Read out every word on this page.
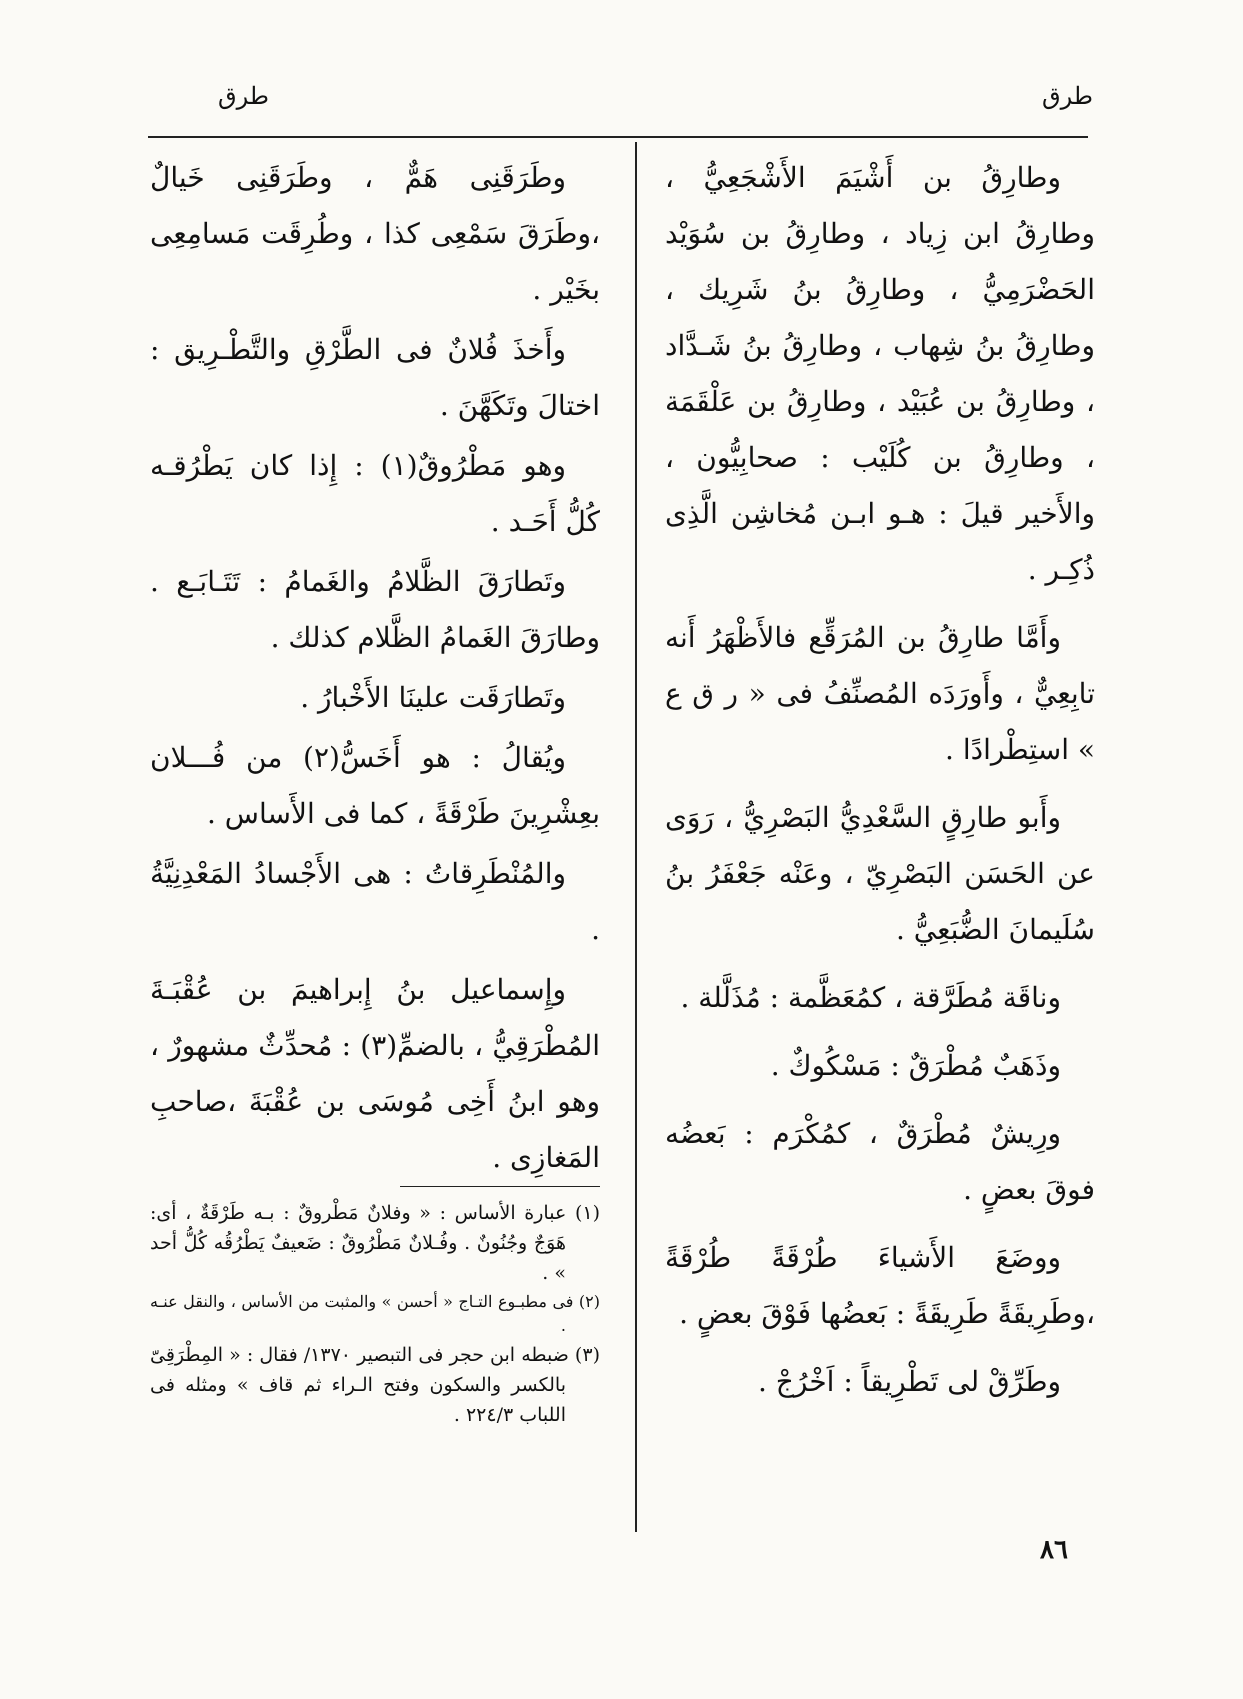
طرق
طرق

وطارِقُ بن أَشْيَمَ الأَشْجَعِيُّ ، وطارِقُ ابن زِياد ، وطارِقُ بن سُوَيْد الحَضْرَمِيُّ ، وطارِقُ بنُ شَرِيك ، وطارِقُ بنُ شِهاب ، وطارِقُ بنُ شَـدَّاد ، وطارِقُ بن عُبَيْد ، وطارِقُ بن عَلْقَمَة ، وطارِقُ بن كُلَيْب : صحابِيُّون ، والأَخير قيلَ : هـو ابـن مُخاشِن الَّذِى ذُكِـر .

وأَمَّا طارِقُ بن المُرَقِّع فالأَظْهَرُ أَنه تابِعِيٌّ ، وأَورَدَه المُصنِّفُ فى « ر ق ع » استِطْرادًا .

وأَبو طارِقٍ السَّعْدِيُّ البَصْرِيُّ ، رَوَى عن الحَسَن البَصْرِيّ ، وعَنْه جَعْفَرُ بنُ سُلَيمانَ الضُّبَعِيُّ .

وناقَة مُطَرَّقة ، كمُعَظَّمة : مُذَلَّلة .

وذَهَبٌ مُطْرَقٌ : مَسْكُوكٌ .

ورِيشٌ مُطْرَقٌ ، كمُكْرَم : بَعضُه فوقَ بعضٍ .

ووضَعَ الأَشياءَ طُرْقَةً طُرْقَةً ،وطَرِيقَةً طَرِيقَةً : بَعضُها فَوْقَ بعضٍ .

وطَرِّقْ لى تَطْرِيقاً : اَخْرُجْ .

وطَرَقَنِى هَمٌّ ، وطَرَقَنِى خَيالٌ ،وطَرَقَ سَمْعِى كذا ، وطُرِقَت مَسامِعِى بخَيْر .

وأَخذَ فُلانٌ فى الطَّرْقِ والتَّطْـرِيق : اختالَ وتَكَهَّنَ .

وهو مَطْرُوقٌ(١) : إِذا كان يَطْرُقـه كُلُّ أَحَـد .

وتَطارَقَ الظَّلامُ والغَمامُ : تَتَـابَـع . وطارَقَ الغَمامُ الظَّلام كذلك .

وتَطارَقَت علينَا الأَخْبارُ .

ويُقالُ : هو أَخَسُّ(٢) من فُـــلان بعِشْرِينَ طَرْقَةً ، كما فى الأَساس .

والمُنْطَرِقاتُ : هى الأَجْسادُ المَعْدِنِيَّةُ .

وإِسماعيل بنُ إِبراهيمَ بن عُقْبَـةَ المُطْرَقِيُّ ، بالضمِّ(٣) : مُحدِّثٌ مشهورٌ ، وهو ابنُ أَخِى مُوسَى بن عُقْبَةَ ،صاحبِ المَغازِى .

(١) عبارة الأساس : « وفلانٌ مَطْروقٌ : بـه طَرْقَةٌ ، أى: هَوَجٌ وجُنُونٌ . وفُـلانٌ مَطْرُوقٌ : ضَعيفٌ يَطْرُقُه كُلُّ أحد » .

(٢) فى مطبـوع التـاج « أحسن » والمثبت من الأساس ، والنقل عنـه .

(٣) ضبطه ابن حجر فى التبصير ١٣٧٠/ فقال : « المِطْرَقِىّ بالكسر والسكون وفتح الـراء ثم قاف » ومثله فى اللباب ٢٢٤/٣ .

٨٦
